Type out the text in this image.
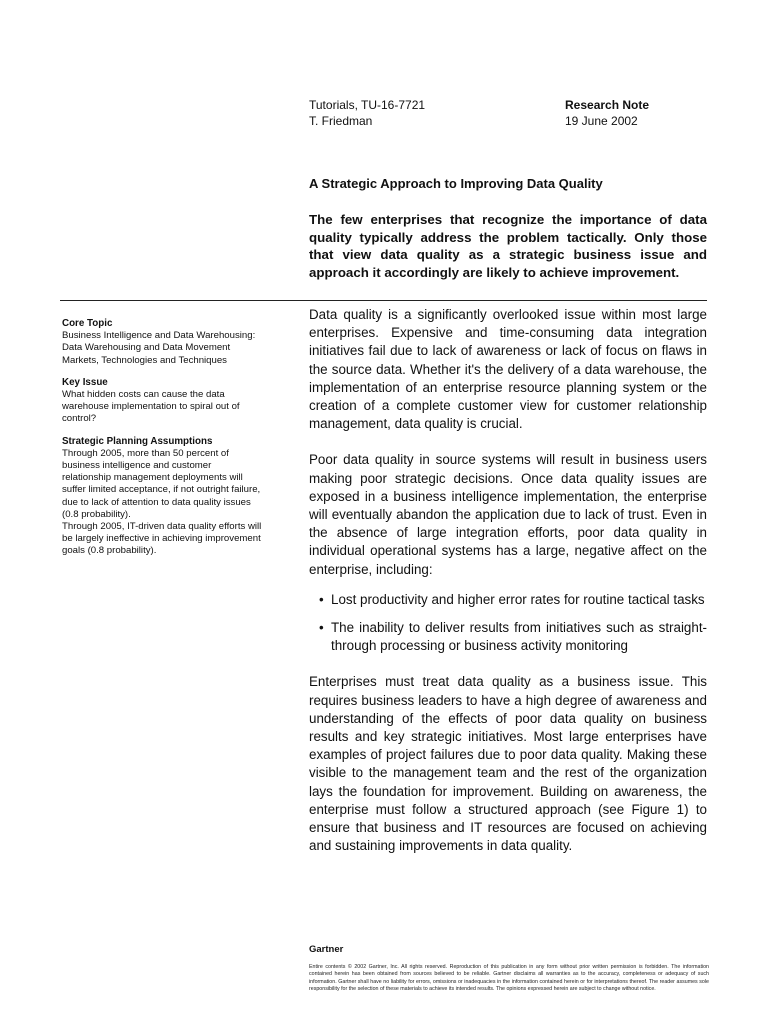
Tutorials, TU-16-7721
T. Friedman
Research Note
19 June 2002
A Strategic Approach to Improving Data Quality
The few enterprises that recognize the importance of data quality typically address the problem tactically. Only those that view data quality as a strategic business issue and approach it accordingly are likely to achieve improvement.
Core Topic

Business Intelligence and Data Warehousing: Data Warehousing and Data Movement Markets, Technologies and Techniques

Key Issue

What hidden costs can cause the data warehouse implementation to spiral out of control?

Strategic Planning Assumptions

Through 2005, more than 50 percent of business intelligence and customer relationship management deployments will suffer limited acceptance, if not outright failure, due to lack of attention to data quality issues (0.8 probability).

Through 2005, IT-driven data quality efforts will be largely ineffective in achieving improvement goals (0.8 probability).

Data quality is a significantly overlooked issue within most large enterprises. Expensive and time-consuming data integration initiatives fail due to lack of awareness or lack of focus on flaws in the source data. Whether it's the delivery of a data warehouse, the implementation of an enterprise resource planning system or the creation of a complete customer view for customer relationship management, data quality is crucial.

Poor data quality in source systems will result in business users making poor strategic decisions. Once data quality issues are exposed in a business intelligence implementation, the enterprise will eventually abandon the application due to lack of trust. Even in the absence of large integration efforts, poor data quality in individual operational systems has a large, negative affect on the enterprise, including:

• Lost productivity and higher error rates for routine tactical tasks
• The inability to deliver results from initiatives such as straight-through processing or business activity monitoring

Enterprises must treat data quality as a business issue. This requires business leaders to have a high degree of awareness and understanding of the effects of poor data quality on business results and key strategic initiatives. Most large enterprises have examples of project failures due to poor data quality. Making these visible to the management team and the rest of the organization lays the foundation for improvement. Building on awareness, the enterprise must follow a structured approach (see Figure 1) to ensure that business and IT resources are focused on achieving and sustaining improvements in data quality.

Gartner
Entire contents © 2002 Gartner, Inc. All rights reserved. Reproduction of this publication in any form without prior written permission is forbidden. The information contained herein has been obtained from sources believed to be reliable. Gartner disclaims all warranties as to the accuracy, completeness or adequacy of such information. Gartner shall have no liability for errors, omissions or inadequacies in the information contained herein or for interpretations thereof. The reader assumes sole responsibility for the selection of these materials to achieve its intended results. The opinions expressed herein are subject to change without notice.
